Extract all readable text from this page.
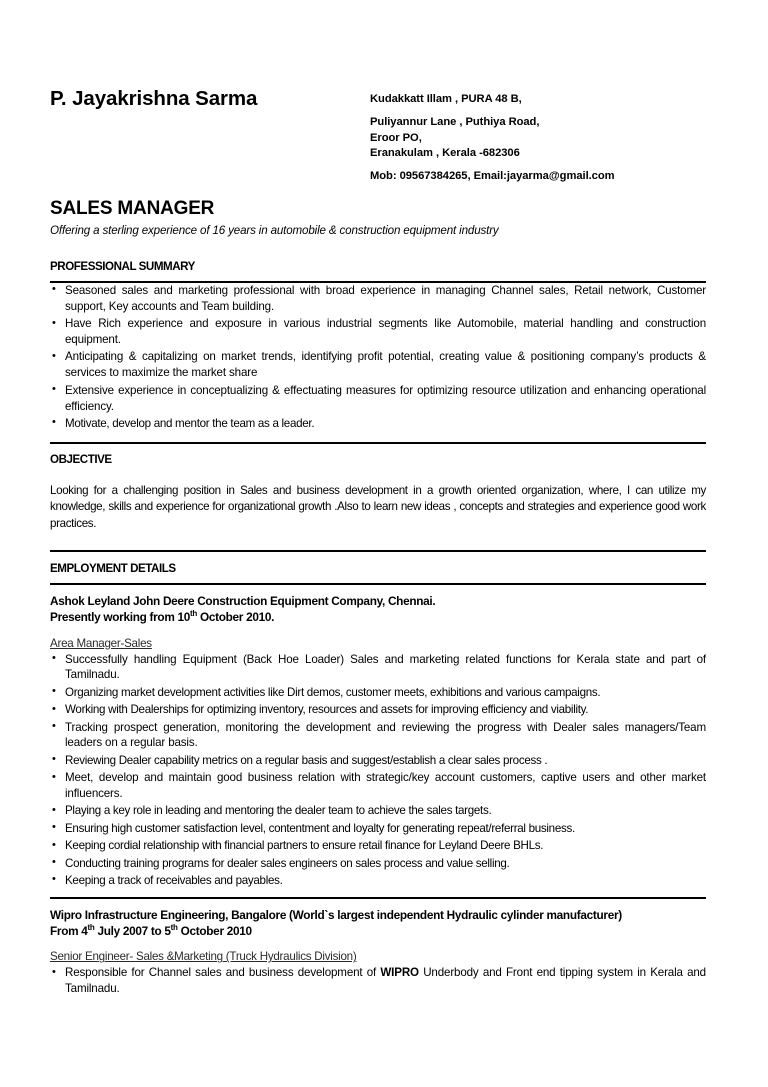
P. Jayakrishna Sarma	Kudakkatt Illam , PURA 48 B,
Puliyannur Lane , Puthiya Road,
Eroor PO,
Eranakulam , Kerala -682306
Mob: 09567384265, Email:jayarma@gmail.com
SALES MANAGER
Offering a sterling experience of 16 years in automobile & construction equipment industry
PROFESSIONAL SUMMARY
• Seasoned sales and marketing professional with broad experience in managing Channel sales, Retail network, Customer support, Key accounts and Team building.
• Have Rich experience and exposure in various industrial segments like Automobile, material handling and construction equipment.
• Anticipating & capitalizing on market trends, identifying profit potential, creating value & positioning company’s products & services to maximize the market share
• Extensive experience in conceptualizing & effectuating measures for optimizing resource utilization and enhancing operational efficiency.
• Motivate, develop and mentor the team as a leader.
OBJECTIVE
Looking for a challenging position in Sales and business development in a growth oriented organization, where, I can utilize my knowledge, skills and experience for organizational growth .Also to learn new ideas , concepts and strategies and experience good work practices.
EMPLOYMENT DETAILS
Ashok Leyland John Deere Construction Equipment Company, Chennai.
Presently working from 10th October 2010.
Area Manager-Sales
• Successfully handling Equipment (Back Hoe Loader) Sales and marketing related functions for Kerala state and part of Tamilnadu.
• Organizing market development activities like Dirt demos, customer meets, exhibitions and various campaigns.
• Working with Dealerships for optimizing inventory, resources and assets for improving efficiency and viability.
• Tracking prospect generation, monitoring the development and reviewing the progress with Dealer sales managers/Team leaders on a regular basis.
• Reviewing Dealer capability metrics on a regular basis and suggest/establish a clear sales process .
• Meet, develop and maintain good business relation with strategic/key account customers, captive users and other market influencers.
• Playing a key role in leading and mentoring the dealer team to achieve the sales targets.
• Ensuring high customer satisfaction level, contentment and loyalty for generating repeat/referral business.
• Keeping cordial relationship with financial partners to ensure retail finance for Leyland Deere BHLs.
• Conducting training programs for dealer sales engineers on sales process and value selling.
• Keeping a track of receivables and payables.
Wipro Infrastructure Engineering, Bangalore (World`s largest independent Hydraulic cylinder manufacturer)
From 4th July 2007 to 5th October 2010
Senior Engineer- Sales &Marketing (Truck Hydraulics Division)
• Responsible for Channel sales and business development of WIPRO Underbody and Front end tipping system in Kerala and Tamilnadu.
